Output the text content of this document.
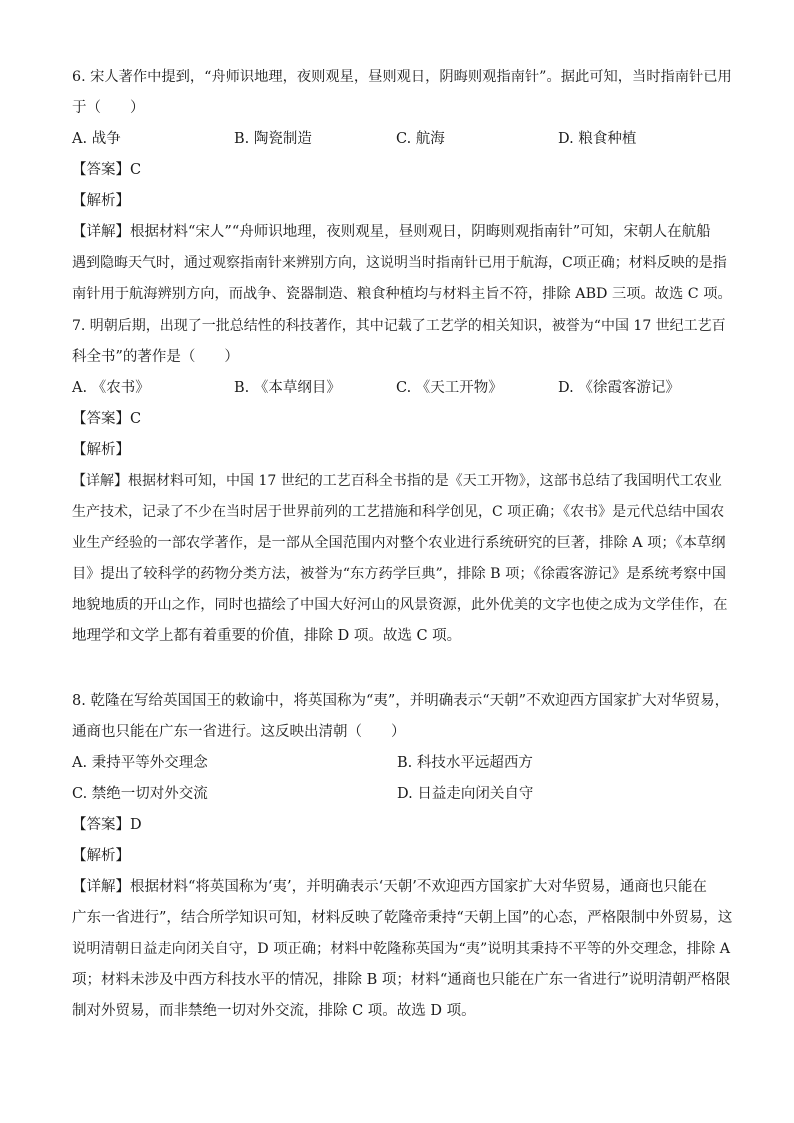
6. 宋人著作中提到，“舟师识地理，夜则观星，昼则观日，阴晦则观指南针”。据此可知，当时指南针已用
于（　　）
A. 战争	B. 陶瓷制造	C. 航海	D. 粮食种植
【答案】C
【解析】
【详解】根据材料“宋人”“舟师识地理，夜则观星，昼则观日，阴晦则观指南针”可知，宋朝人在航船
遇到隐晦天气时，通过观察指南针来辨别方向，这说明当时指南针已用于航海，C项正确；材料反映的是指
南针用于航海辨别方向，而战争、瓷器制造、粮食种植均与材料主旨不符，排除 ABD 三项。故选 C 项。
7. 明朝后期，出现了一批总结性的科技著作，其中记载了工艺学的相关知识，被誉为“中国 17 世纪工艺百
科全书”的著作是（　　）
A. 《农书》	B. 《本草纲目》	C. 《天工开物》	D. 《徐霞客游记》
【答案】C
【解析】
【详解】根据材料可知，中国 17 世纪的工艺百科全书指的是《天工开物》，这部书总结了我国明代工农业
生产技术，记录了不少在当时居于世界前列的工艺措施和科学创见，C 项正确；《农书》是元代总结中国农
业生产经验的一部农学著作，是一部从全国范围内对整个农业进行系统研究的巨著，排除 A 项；《本草纲
目》提出了较科学的药物分类方法，被誉为“东方药学巨典”，排除 B 项；《徐霞客游记》是系统考察中国
地貌地质的开山之作，同时也描绘了中国大好河山的风景资源，此外优美的文字也使之成为文学佳作，在
地理学和文学上都有着重要的价值，排除 D 项。故选 C 项。
8. 乾隆在写给英国国王的敕谕中，将英国称为“夷”，并明确表示“天朝”不欢迎西方国家扩大对华贸易，
通商也只能在广东一省进行。这反映出清朝（　　）
A. 秉持平等外交理念	B. 科技水平远超西方
C. 禁绝一切对外交流	D. 日益走向闭关自守
【答案】D
【解析】
【详解】根据材料“将英国称为‘夷’，并明确表示‘天朝’不欢迎西方国家扩大对华贸易，通商也只能在
广东一省进行”，结合所学知识可知，材料反映了乾隆帝秉持“天朝上国”的心态，严格限制中外贸易，这
说明清朝日益走向闭关自守，D 项正确；材料中乾隆称英国为“夷”说明其秉持不平等的外交理念，排除 A
项；材料未涉及中西方科技水平的情况，排除 B 项；材料“通商也只能在广东一省进行”说明清朝严格限
制对外贸易，而非禁绝一切对外交流，排除 C 项。故选 D 项。
